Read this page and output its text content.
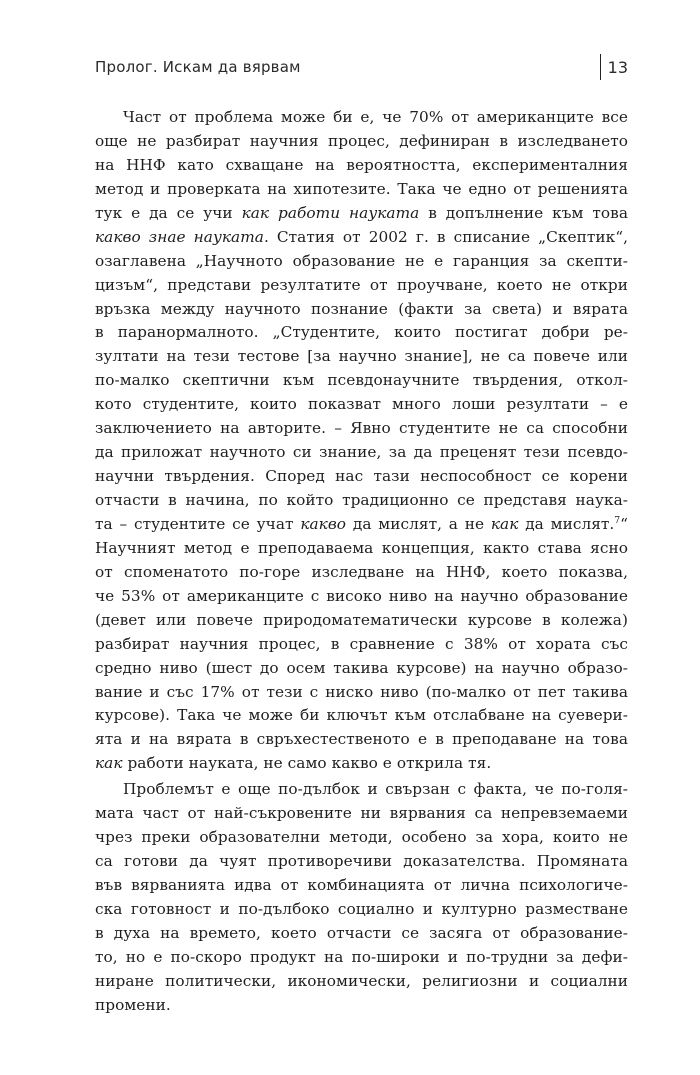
Пролог. Искам да вярвам	13
Част от проблема може би е, че 70% от американците все
още не разбират научния процес, дефиниран в изследването
на ННФ като схващане на вероятността, експерименталния
метод и проверката на хипотезите. Така че едно от решенията
тук е да се учи как работи науката в допълнение към това
какво знае науката. Статия от 2002 г. в списание „Скептик“,
озаглавена „Научното образование не е гаранция за скепти-
цизъм“, представи резултатите от проучване, което не откри
връзка между научното познание (факти за света) и вярата
в паранормалното. „Студентите, които постигат добри ре-
зултати на тези тестове [за научно знание], не са повече или
по-малко скептични към псевдонаучните твърдения, откол-
кото студентите, които показват много лоши резултати – е
заключението на авторите. – Явно студентите не са способни
да приложат научното си знание, за да преценят тези псевдо-
научни твърдения. Според нас тази неспособност се корени
отчасти в начина, по който традиционно се представя наука-
та – студентите се учат какво да мислят, а не как да мислят.$^7$“
Научният метод е преподаваема концепция, както става ясно
от споменатото по-горе изследване на ННФ, което показва,
че 53% от американците с високо ниво на научно образование
(девет или повече природоматематически курсове в колежа)
разбират научния процес, в сравнение с 38% от хората със
средно ниво (шест до осем такива курсове) на научно образо-
вание и със 17% от тези с ниско ниво (по-малко от пет такива
курсове). Така че може би ключът към отслабване на суевери-
ята и на вярата в свръхестественото е в преподаване на това
как работи науката, не само какво е открила тя.
Проблемът е още по-дълбок и свързан с факта, че по-голя-
мата част от най-съкровените ни вярвания са непревземаеми
чрез преки образователни методи, особено за хора, които не
са готови да чуят противоречиви доказателства. Промяната
във вярванията идва от комбинацията от лична психологиче-
ска готовност и по-дълбоко социално и културно разместване
в духа на времето, което отчасти се засяга от образование-
то, но е по-скоро продукт на по-широки и по-трудни за дефи-
ниране политически, икономически, религиозни и социални
промени.
